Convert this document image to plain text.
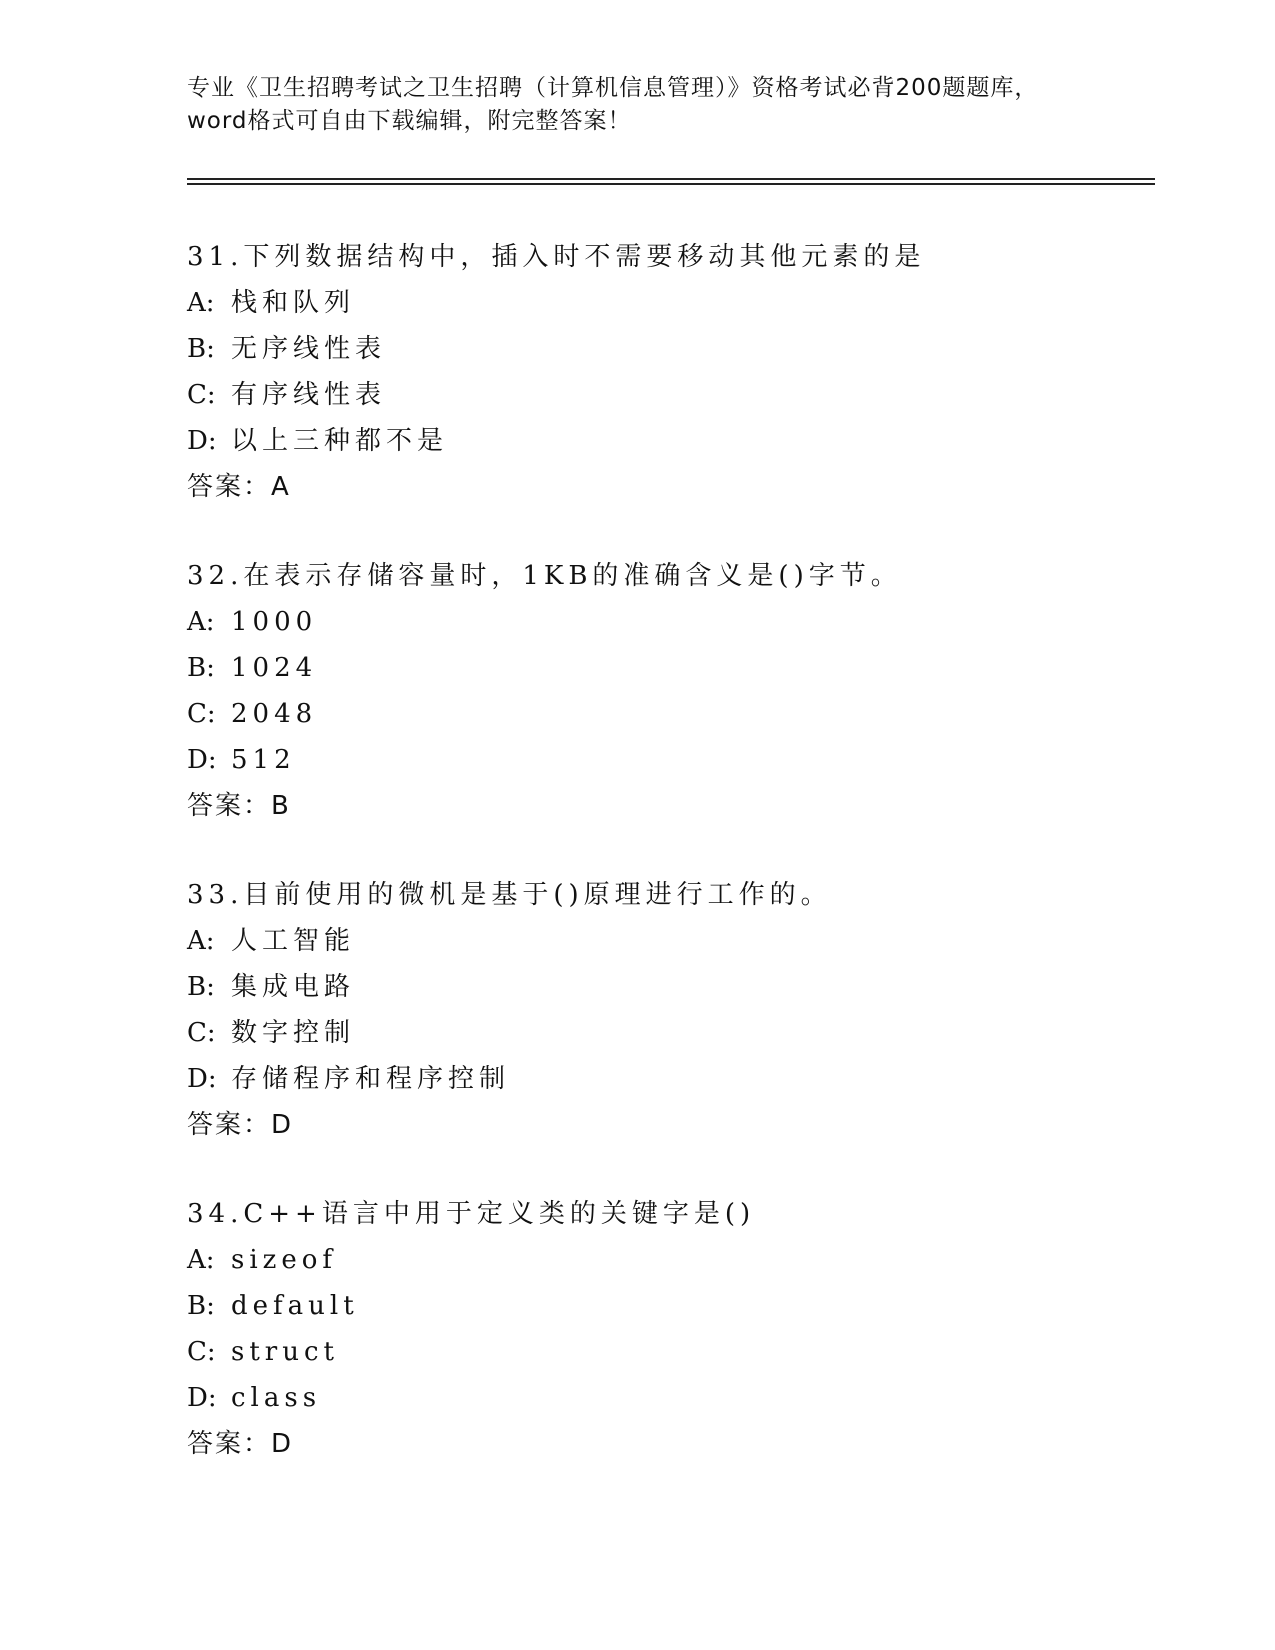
专业《卫生招聘考试之卫生招聘（计算机信息管理）》资格考试必背200题题库，
word格式可自由下载编辑，附完整答案！
31.下列数据结构中，插入时不需要移动其他元素的是
A: 栈和队列
B: 无序线性表
C: 有序线性表
D: 以上三种都不是
答案：A
32.在表示存储容量时，1KB的准确含义是()字节。
A: 1000
B: 1024
C: 2048
D: 512
答案：B
33.目前使用的微机是基于()原理进行工作的。
A: 人工智能
B: 集成电路
C: 数字控制
D: 存储程序和程序控制
答案：D
34.C++语言中用于定义类的关键字是()
A: sizeof
B: default
C: struct
D: class
答案：D
